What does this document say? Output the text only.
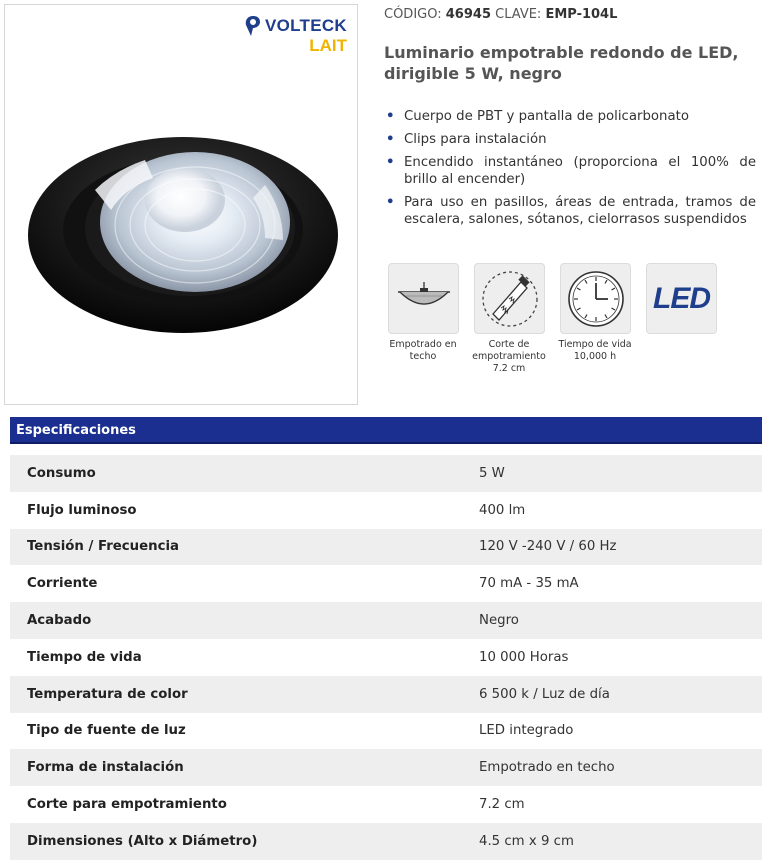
VOLTECK
LAIT
CÓDIGO: 46945 CLAVE: EMP-104L
Luminario empotrable redondo de LED, dirigible 5 W, negro
• Cuerpo de PBT y pantalla de policarbonato
• Clips para instalación
• Encendido instantáneo (proporciona el 100% de brillo al encender)
• Para uso en pasillos, áreas de entrada, tramos de escalera, salones, sótanos, cielorrasos suspendidos
Empotrado en techo
Corte de empotramiento 7.2 cm
Tiempo de vida 10,000 h
LED
Especificaciones
Consumo	5 W
Flujo luminoso	400 lm
Tensión / Frecuencia	120 V -240 V / 60 Hz
Corriente	70 mA - 35 mA
Acabado	Negro
Tiempo de vida	10 000 Horas
Temperatura de color	6 500 k / Luz de día
Tipo de fuente de luz	LED integrado
Forma de instalación	Empotrado en techo
Corte para empotramiento	7.2 cm
Dimensiones (Alto x Diámetro)	4.5 cm x 9 cm
